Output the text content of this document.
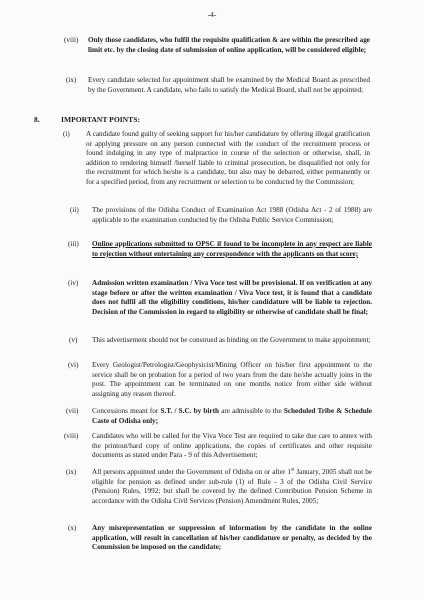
-4-
(viii) Only those candidates, who fulfil the requisite qualification & are within the prescribed age limit etc. by the closing date of submission of online application, will be considered eligible;
(ix) Every candidate selected for appointment shall be examined by the Medical Board as prescribed by the Government. A candidate, who fails to satisfy the Medical Board, shall not be appointed;
8.	IMPORTANT POINTS:
(i) A candidate found guilty of seeking support for his/her candidature by offering illegal gratification or applying pressure on any person connected with the conduct of the recruitment process or found indulging in any type of malpractice in course of the selection or otherwise, shall, in addition to rendering himself /herself liable to criminal prosecution, be disqualified not only for the recruitment for which he/she is a candidate, but also may be debarred, either permanently or for a specified period, from any recruitment or selection to be conducted by the Commission;
(ii) The provisions of the Odisha Conduct of Examination Act 1988 (Odisha Act - 2 of 1988) are applicable to the examination conducted by the Odisha Public Service Commission;
(iii) Online applications submitted to OPSC if found to be incomplete in any respect are liable to rejection without entertaining any correspondence with the applicants on that score;
(iv) Admission written examination / Viva Voce test will be provisional. If on verification at any stage before or after the written examination / Viva Voce test, it is found that a candidate does not fulfil all the eligibility conditions, his/her candidature will be liable to rejection. Decision of the Commission in regard to eligibility or otherwise of candidate shall be final;
(v) This advertisement should not be construed as binding on the Government to make appointment;
(vi) Every Geologist/Petrologist/Geophysicist/Mining Officer on his/her first appointment to the service shall be on probation for a period of two years from the date he/she actually joins in the post. The appointment can be terminated on one months notice from either side without assigning any reason thereof.
(vii) Concessions meant for S.T. / S.C. by birth are admissible to the Scheduled Tribe & Schedule Caste of Odisha only;
(viii) Candidates who will be called for the Viva Voce Test are required to take due care to annex with the printout/hard copy of online applications, the copies of certificates and other requisite documents as stated under Para - 9 of this Advertisement;
(ix) All persons appointed under the Government of Odisha on or after 1st January, 2005 shall not be eligible for pension as defined under sub-rule (1) of Rule - 3 of the Odisha Civil Service (Pension) Rules, 1992; but shall be covered by the defined Contribution Pension Scheme in accordance with the Odisha Civil Services (Pension) Amendment Rules, 2005;
(x) Any misrepresentation or suppression of information by the candidate in the online application, will result in cancellation of his/her candidature or penalty, as decided by the Commission be imposed on the candidate;
